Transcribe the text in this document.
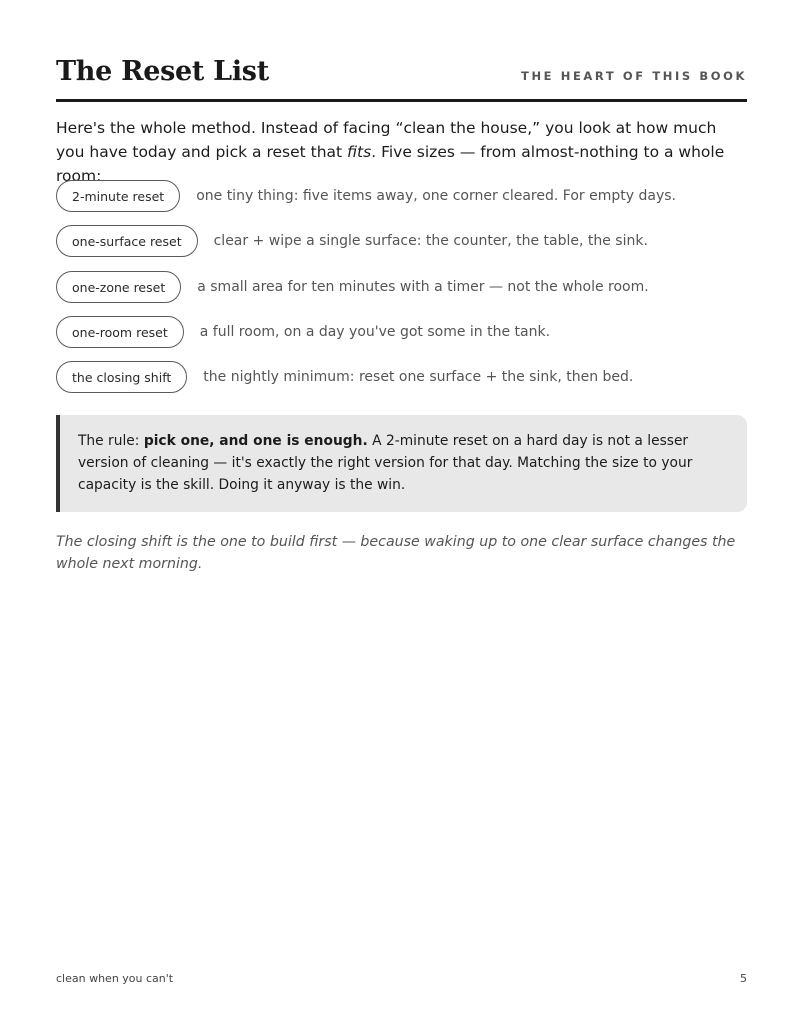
The Reset List	THE HEART OF THIS BOOK

Here's the whole method. Instead of facing “clean the house,” you look at how much you have today and pick a reset that fits. Five sizes — from almost-nothing to a whole room:

2-minute reset	one tiny thing: five items away, one corner cleared. For empty days.
one-surface reset	clear + wipe a single surface: the counter, the table, the sink.
one-zone reset	a small area for ten minutes with a timer — not the whole room.
one-room reset	a full room, on a day you've got some in the tank.
the closing shift	the nightly minimum: reset one surface + the sink, then bed.
The rule: pick one, and one is enough. A 2-minute reset on a hard day is not a lesser version of cleaning — it's exactly the right version for that day. Matching the size to your capacity is the skill. Doing it anyway is the win.

The closing shift is the one to build first — because waking up to one clear surface changes the whole next morning.

clean when you can't	5
